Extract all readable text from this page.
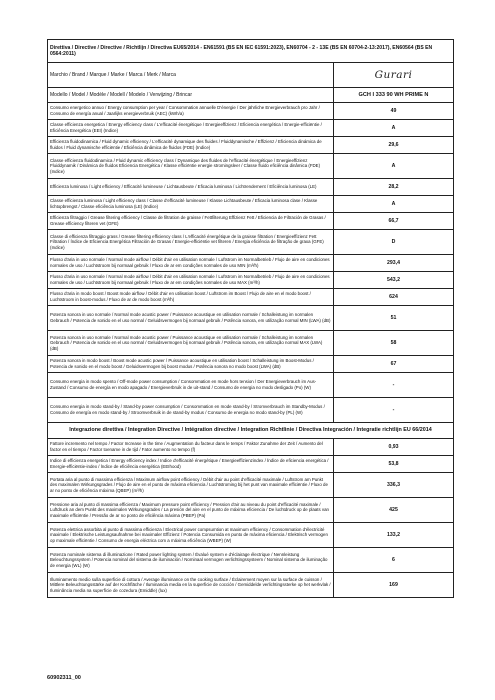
Direttiva / Directive / Directive / Richtlijn / Directiva EU65/2014 - EN61591 (BS EN IEC 61591:2023), EN60704 - 2 - 13E (BS EN 60704-2-13:2017), EN60564 (BS EN 0564:2011)	
Marchio / Brand / Marque / Marke / Marca / Merk / Marca	Gurari
Modello / Model / Modèle / Modell / Modelo / Verwijzing / Brincar	GCH I 333 90 WH PRIME N
Consumo energetico annuo / Energy consumption per year / Consommation annuelle D'énergie / Der jährliche Energieverbrauch pro Jahr / Consumo de energía anual / Jaarlijks energieverbruik (AEC) (kWh/a)	49
Classe efficienza energetica / Energy efficiency class / L'efficacité énergétique / Energieeffizienz / Eficiencia energética / Energie-efficiëntie / Eficiência Energética (EEI) (Indice)	A
Efficienza fluidodinamica / Fluid dynamic efficiency / L'efficacité dynamique des fluides / Fluiddynamische / Effizienz / Eficiencia dinámica de fluidos / Fluid dynamische efficiëntie / Eficiência dinâmica de fluidos (FDE) (Indice)	29,6
Classe efficienza fluidodinamica / Fluid dynamic efficiency class / Dynamique des fluides de l'efficacité énergétique / Energieeffizienz Fluiddynamik / Dinámica de fluidos Eficiencia Energética / Klasse efficiëntie energie stromingsleer / Classe fluido eficiência dinâmica (FDE) (Indice)	A
Efficienza luminosa / Light efficiency / Efficacité lumineuse / Lichtausbeute / Eficacia luminosa / Lichtrendement / Eficiência luminosa (LE)	28,2
Classe efficienza luminosa / Light efficiency class / Classe d'efficacité lumineuse / Klasse Lichtausbeute / Eficacia luminosa clase / Klasse lichtopbrengst / Classe eficiência luminosa (LE) (Indice)	A
Efficienza filtraggio / Grease filtering efficiency / Classe de filtration de graisse / Fettfilterung Effizienz Fett / Eficiencia de Filtración de Grasas / Grease efficiency filteren vet (GFE)	66,7
Classe di efficienza filtraggio grass / Grease filtering efficiency class / L'efficacité énergétique de la graisse filtration / Energieeffizienz Fett Filtration / Índice de Eficiencia Energética Filtración de Grasas / Energie-efficiëntie vet filteren / Energia eficiência de filtração de graxa (GFE) (Indice)	D
Flusso d'aria in uso normale / Normal mode airflow / Débit d'air en utilisation normale / Luftstrom im Normalbetrieb / Flujo de aire en condiciones normales de uso / Luchtstroom bij normaal gebruik / Fluxo de ar em condições normales de uso MIN (m³/h)	293,4
Flusso d'aria in uso normale / Normal mode airflow / Débit d'air en utilisation normale / Luftstrom im Normalbetrieb / Flujo de aire en condiciones normales de uso / Luchtstroom bij normaal gebruik / Fluxo de ar em condições normales de uso MAX (m³/h)	543,2
Flusso d'aria in modo boost / Boost mode airflow / Débit d'air en utilisation boost / Luftstrom im Boost / Flujo de aire en el modo boost / Luchtstroom in boost-modus / Fluxo de ar de modo boost (m³/h)	624
Potenza sonora in uso normale / Normal mode acustic power / Puissance acoustique en utilisation normale / Schalleistung im normalen Gebrauch / Potencia de sonido en el uso normal / Geluidsvermogen bij normaal gebruik / Potência sonora, em utilização normal MIN (LWA) (dB)	51
Potenza sonora in uso normale / Normal mode acustic power / Puissance acoustique en utilisation normale / Schalleistung im normalen Gebrauch / Potencia de sonido en el uso normal / Geluidsvermogen bij normaal gebruik / Potência sonora, em utilização normal MAX (LWA) (dB)	58
Potenza sonora in modo boost / Boost mode acustic power / Puissance acoustique en utilisation boost / Schalleistung im Boost-Modus / Potencia de sonido en el modo boost / Geluidsvermogen bij boost modus / Potência sonora no modo boost (LWA) (dB)	67
Consumo energia in modo spento / Off-mode power consumption / Consommation en mode hors tension / Der Energieverbrauch im Aus-Zustand / Consumo de energía en modo apagado / Energieverbruik in de uit-stand / Consumo de energia no modo desligado (Po) (W)	-
Consumo energia in modo stand-by / Stand-by power consumption / Consommation en mode stand-by / Stromverbrauch im Standby-Modus / Consumo de energía en modo stand-by / Stroomverbruik in de stand-by modus / Consumo de energia no modo stand-by (PL) (W)	-
Integrazione direttiva / Integration Directive / Intégration directive / Integration Richtlinie / Directiva Integración / Integratie richtlijn EU 66/2014	
Fattore incremento nel tempo / Factor Increase in the time / Augmentation du facteur dans le temps / Faktor Zunahme der Zeit / Aumento del factor en el tiempo / Factor toename in de tijd / Fator aumento no tempo (f)	0,93
Indice di efficienza energetica / Energy efficiency index / Indice d'efficacité énergétique / Energieeffizienzindex / Índice de eficiencia energética / Energie-efficiëntie-index / Índice de eficiência energética (EEIhood)	53,8
Portata aria al punto di massima efficienza / Maximum airflow point efficiency / Débit d'air au point d'efficacité maximale / Luftstrom am Punkt des maximalen Wirkungsgrades / Flujo de aire en el punto de máxima eficiencia / Luchtstroming bij het punt van maximale efficiëntie / Fluxo de ar no ponto de eficiência máxima (QBEP) (m³/h)	336,3
Pressione aria al punto di massima efficienza / Maximum pressure point efficiency / Pression d'air au niveau du point d'efficacité maximale / Luftdruck an dem Punkt des maximalen Wirkungsgrades / La presión del aire en el punto de máxima eficiencia / De luchtdruck op de plaats van maximale efficiëntie / Pressão de ar no ponto de eficiência máxima (PBEP) (Pa)	425
Potenza elettrica assorbita al punto di massima efficienza / Electrical power compsumtion at maximum efficiency / Consommation d'électricité maximale / Elektrische Leistungsaufnahme bei maximaler Effizienz / Potencia Consumida en punto de máxima eficiencia / Elektrisch vermogen op maximale efficiëntie / Consumo de energia eléctrica com a máxima eficiência (WBEP) (W)	133,2
Potenza nominale sistema di illuminazione / Rated power lighting system / Évalué system e d'éclairage électrique / Nennleistung Beleuchtungssystem / Potencia nominal del sistema de iluminación / Nominaal vermogen verlichtingssysteem / Nominal sistema de iluminação de energia (WL) (W)	6
Illuminamento medio sulla superficie di cottura / Average illuminance on the cooking surface / Éclairement moyen sur la surface de cuisson / Mittlere Beleuchtungsstärke auf der Kochfläche / Iluminancia media en la superficie de cocción / Gemiddelde verlichtingssterke op het werkvlak / Iluminância media na superfície de cozedura (Emiddle) (lux)	169
60902311_00
